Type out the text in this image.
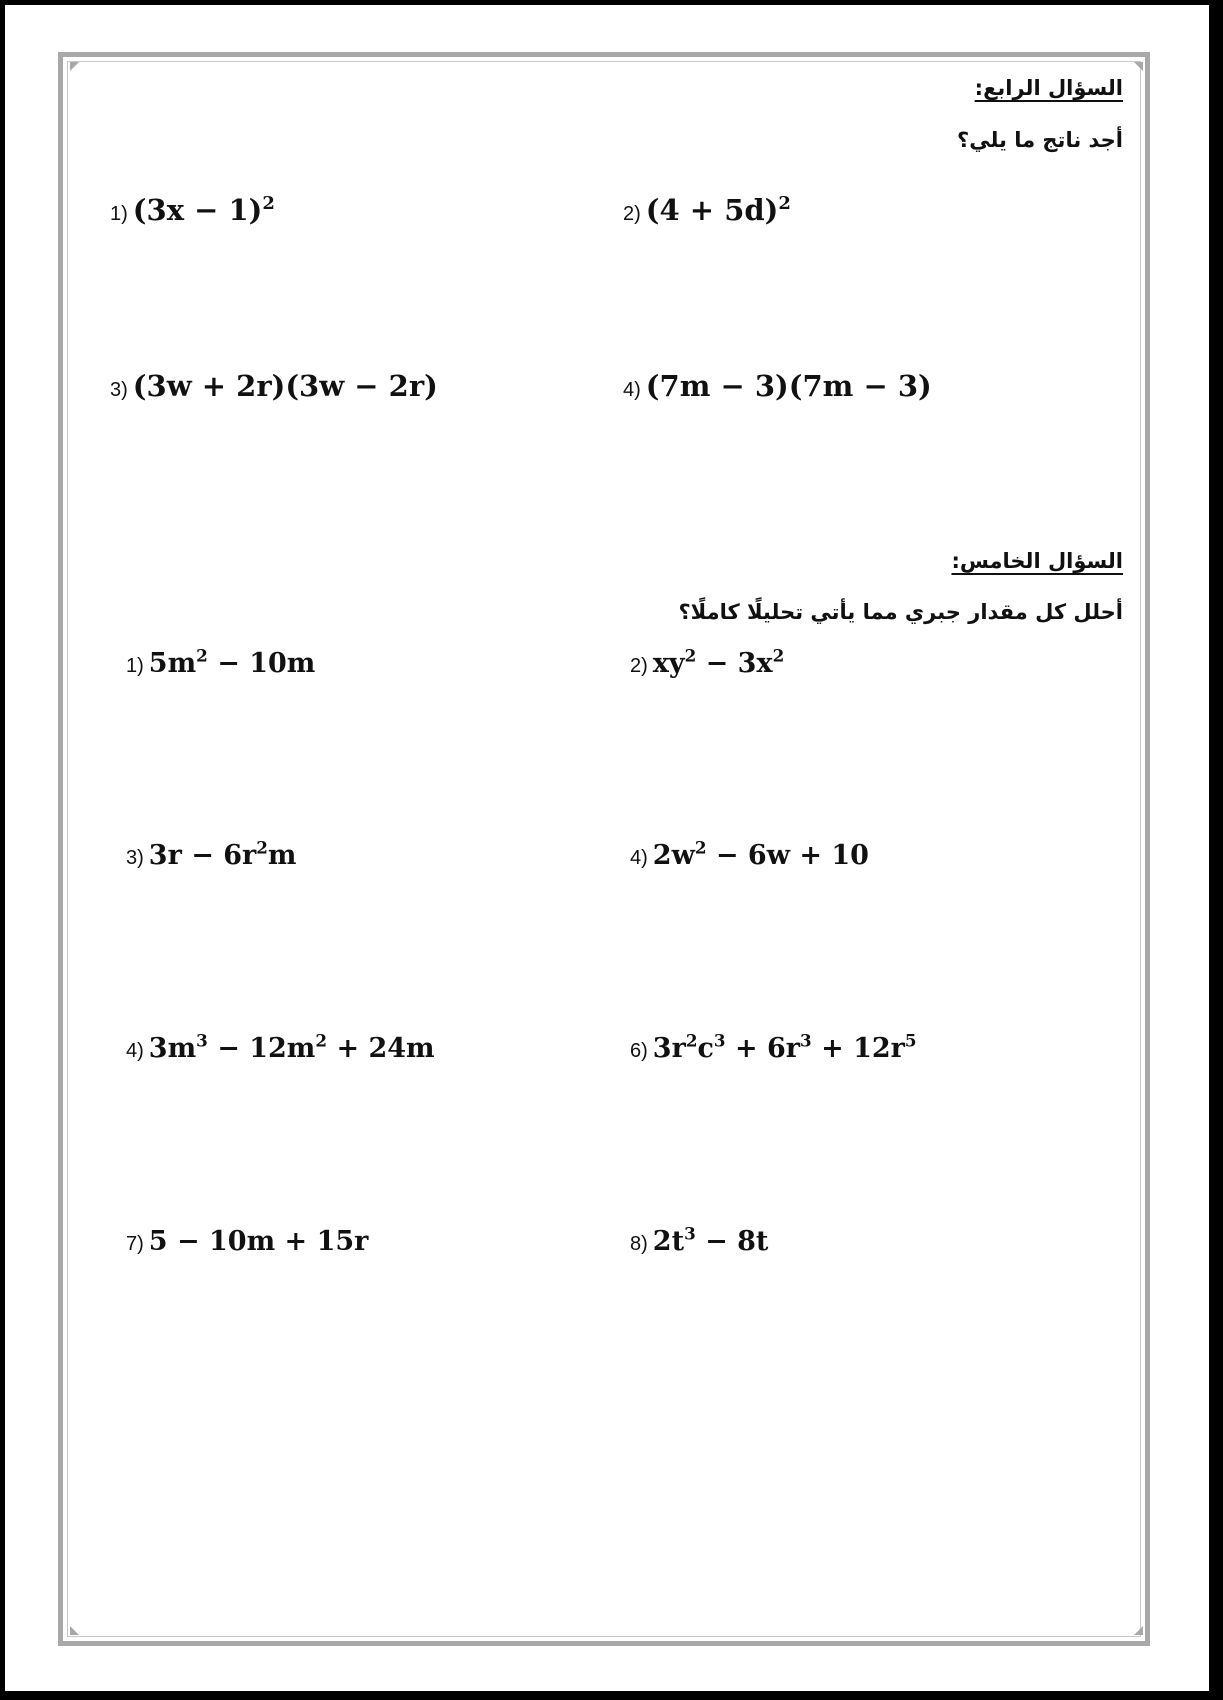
السؤال الرابع:
أجد ناتج ما يلي؟
1) $(3x - 1)^2$	2) $(4 + 5d)^2$
3) (3w + 2r)(3w − 2r)	4) (7m − 3)(7m − 3)
السؤال الخامس:
أحلل كل مقدار جبري مما يأتي تحليلًا كاملًا؟
1) $5m^2 - 10m$	2) $xy^2 - 3x^2$
3) $3r - 6r^2m$	4) $2w^2 - 6w + 10$
4) $3m^3 - 12m^2 + 24m$	6) $3r^2c^3 + 6r^3 + 12r^5$
7) 5 − 10m + 15r	8) $2t^3 - 8t$
